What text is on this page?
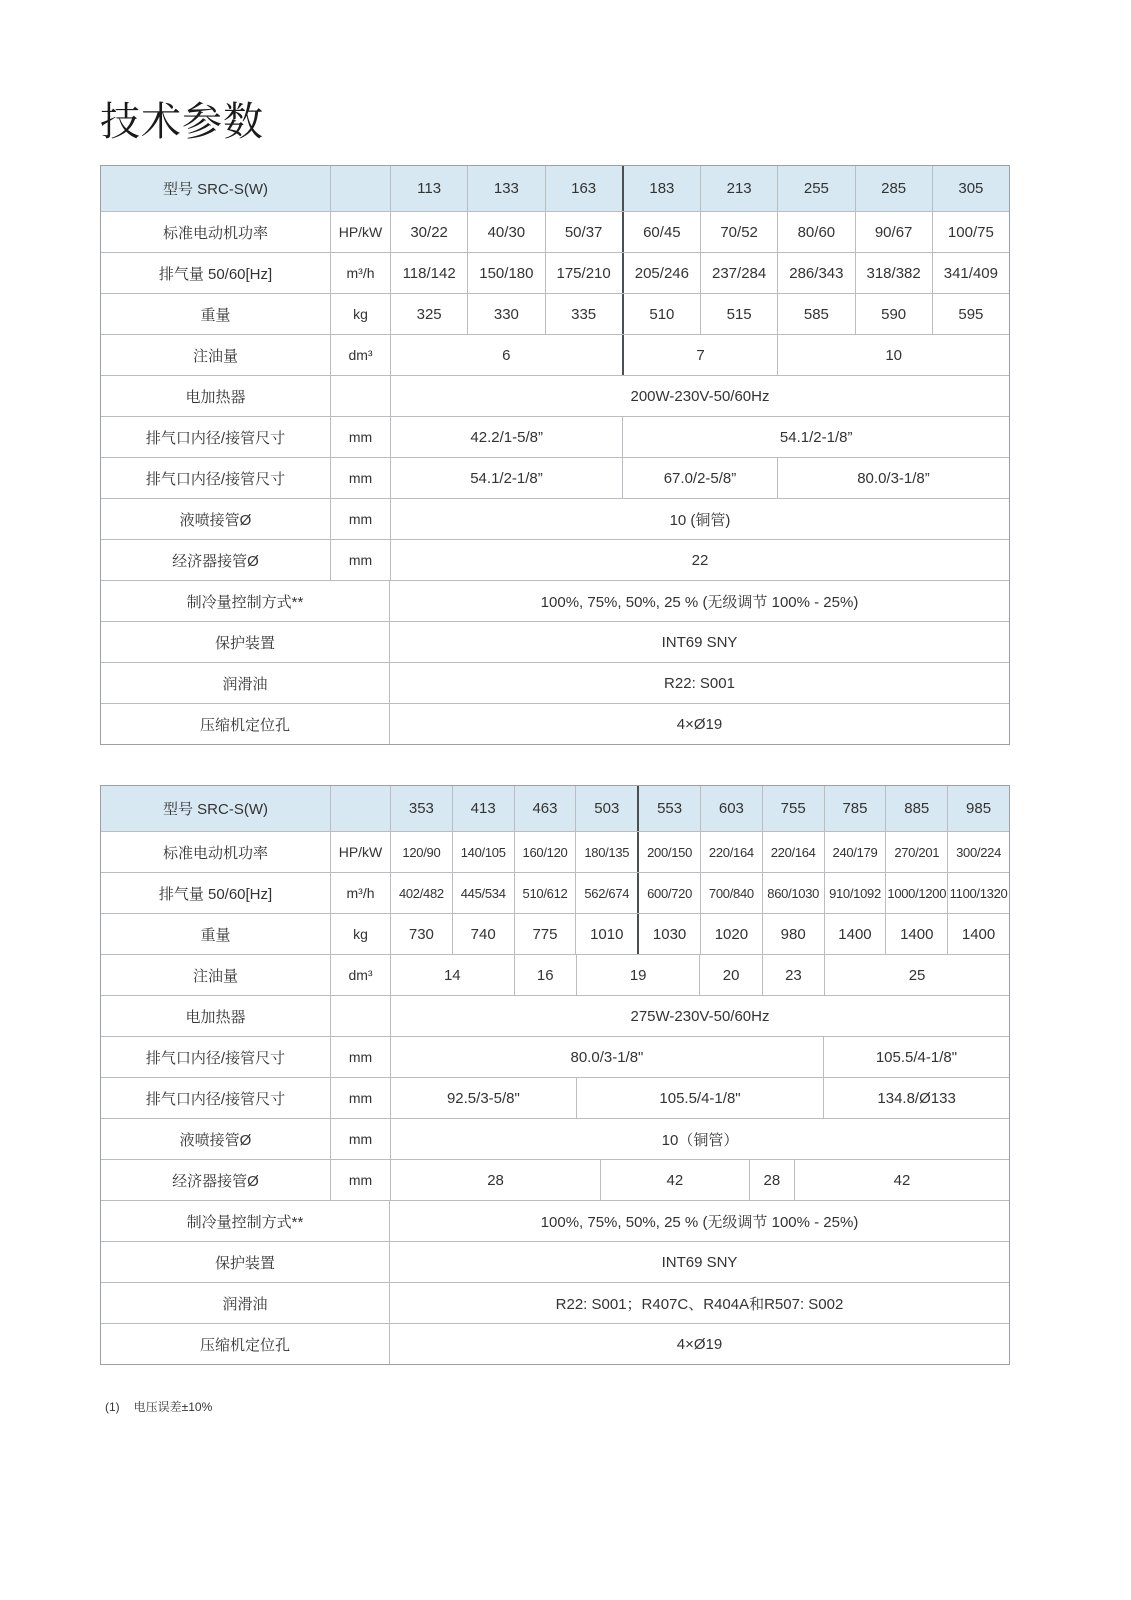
技术参数
型号 SRC-S(W)	113	133	163	183	213	255	285	305
标准电动机功率	HP/kW	30/22	40/30	50/37	60/45	70/52	80/60	90/67	100/75
排气量 50/60[Hz]	m³/h	118/142	150/180	175/210	205/246	237/284	286/343	318/382	341/409
重量	kg	325	330	335	510	515	585	590	595
注油量	dm³	6	7	10
电加热器	200W-230V-50/60Hz
排气口内径/接管尺寸	mm	42.2/1-5/8”	54.1/2-1/8”
排气口内径/接管尺寸	mm	54.1/2-1/8”	67.0/2-5/8”	80.0/3-1/8”
液喷接管Ø	mm	10 (铜管)
经济器接管Ø	mm	22
制冷量控制方式**	100%, 75%, 50%, 25 % (无级调节 100% - 25%)
保护装置	INT69 SNY
润滑油	R22: S001
压缩机定位孔	4×Ø19
型号 SRC-S(W)	353	413	463	503	553	603	755	785	885	985
标准电动机功率	HP/kW	120/90	140/105	160/120	180/135	200/150	220/164	220/164	240/179	270/201	300/224
排气量 50/60[Hz]	m³/h	402/482	445/534	510/612	562/674	600/720	700/840	860/1030 910/1092 1000/1200 1100/1320
重量	kg	730	740	775	1010	1030	1020	980	1400	1400	1400
注油量	dm³	14	16	19	20	23	25
电加热器	275W-230V-50/60Hz
排气口内径/接管尺寸	mm	80.0/3-1/8"	105.5/4-1/8"
排气口内径/接管尺寸	mm	92.5/3-5/8"	105.5/4-1/8"	134.8/Ø133
液喷接管Ø	mm	10（铜管）
经济器接管Ø	mm	28	42	28	42
制冷量控制方式**	100%, 75%, 50%, 25 % (无级调节 100% - 25%)
保护装置	INT69 SNY
润滑油	R22: S001；R407C、R404A和R507: S002
压缩机定位孔	4×Ø19
(1) 电压误差±10%
